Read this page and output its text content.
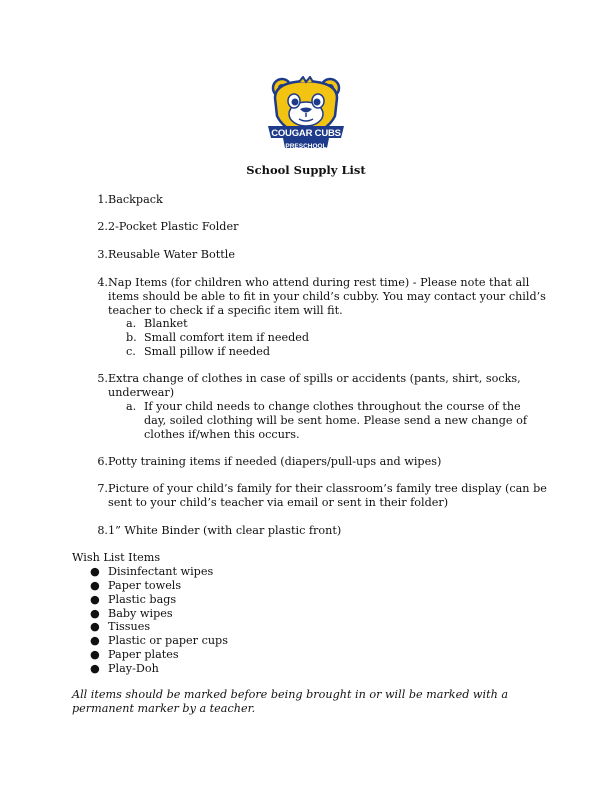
COUGAR CUBS
PRESCHOOL
School Supply List
1. Backpack
2. 2-Pocket Plastic Folder
3. Reusable Water Bottle
4. Nap Items (for children who attend during rest time) - Please note that all items should be able to fit in your child’s cubby. You may contact your child’s teacher to check if a specific item will fit.
a. Blanket
b. Small comfort item if needed
c. Small pillow if needed
5. Extra change of clothes in case of spills or accidents (pants, shirt, socks, underwear)
a. If your child needs to change clothes throughout the course of the day, soiled clothing will be sent home. Please send a new change of clothes if/when this occurs.
6. Potty training items if needed (diapers/pull-ups and wipes)
7. Picture of your child’s family for their classroom’s family tree display (can be sent to your child’s teacher via email or sent in their folder)
8. 1” White Binder (with clear plastic front)
Wish List Items
● Disinfectant wipes
● Paper towels
● Plastic bags
● Baby wipes
● Tissues
● Plastic or paper cups
● Paper plates
● Play-Doh
All items should be marked before being brought in or will be marked with a permanent marker by a teacher.
